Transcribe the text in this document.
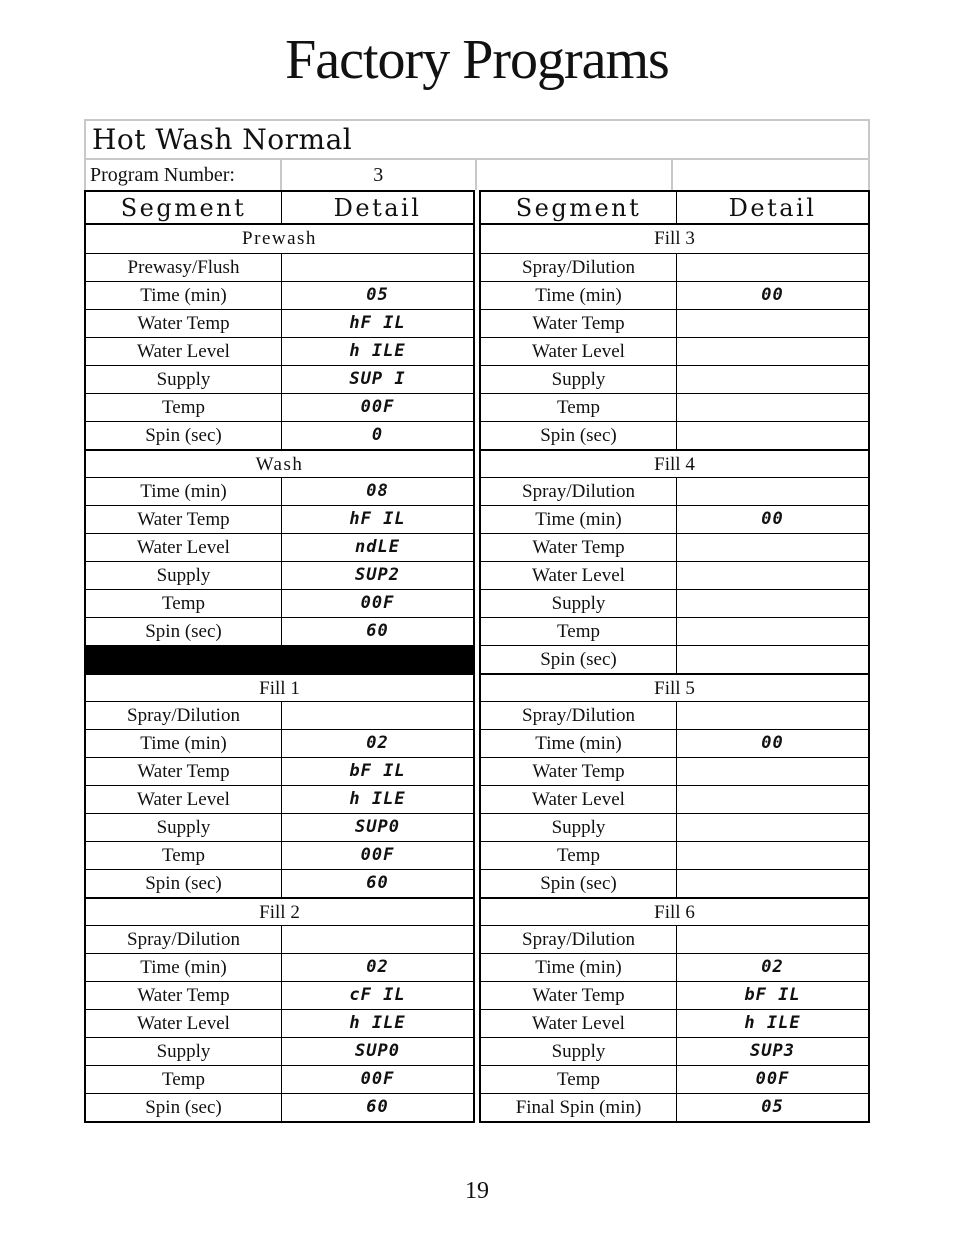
Factory Programs
Hot Wash Normal
Program Number:	3
Segment	Detail
Prewash
Prewasy/Flush
Time (min)	05
Water Temp	hF IL
Water Level	h ILE
Supply	SUP I
Temp	00F
Spin (sec)	0
Wash
Time (min)	08
Water Temp	hF IL
Water Level	ndLE
Supply	SUP2
Temp	00F
Spin (sec)	60
Fill 1
Spray/Dilution
Time (min)	02
Water Temp	bF IL
Water Level	h ILE
Supply	SUP0
Temp	00F
Spin (sec)	60
Fill 2
Spray/Dilution
Time (min)	02
Water Temp	cF IL
Water Level	h ILE
Supply	SUP0
Temp	00F
Spin (sec)	60
Segment	Detail
Fill 3
Spray/Dilution
Time (min)	00
Water Temp
Water Level
Supply
Temp
Spin (sec)
Fill 4
Spray/Dilution
Time (min)	00
Water Temp
Water Level
Supply
Temp
Spin (sec)
Fill 5
Spray/Dilution
Time (min)	00
Water Temp
Water Level
Supply
Temp
Spin (sec)
Fill 6
Spray/Dilution
Time (min)	02
Water Temp	bF IL
Water Level	h ILE
Supply	SUP3
Temp	00F
Final Spin (min)	05
19
